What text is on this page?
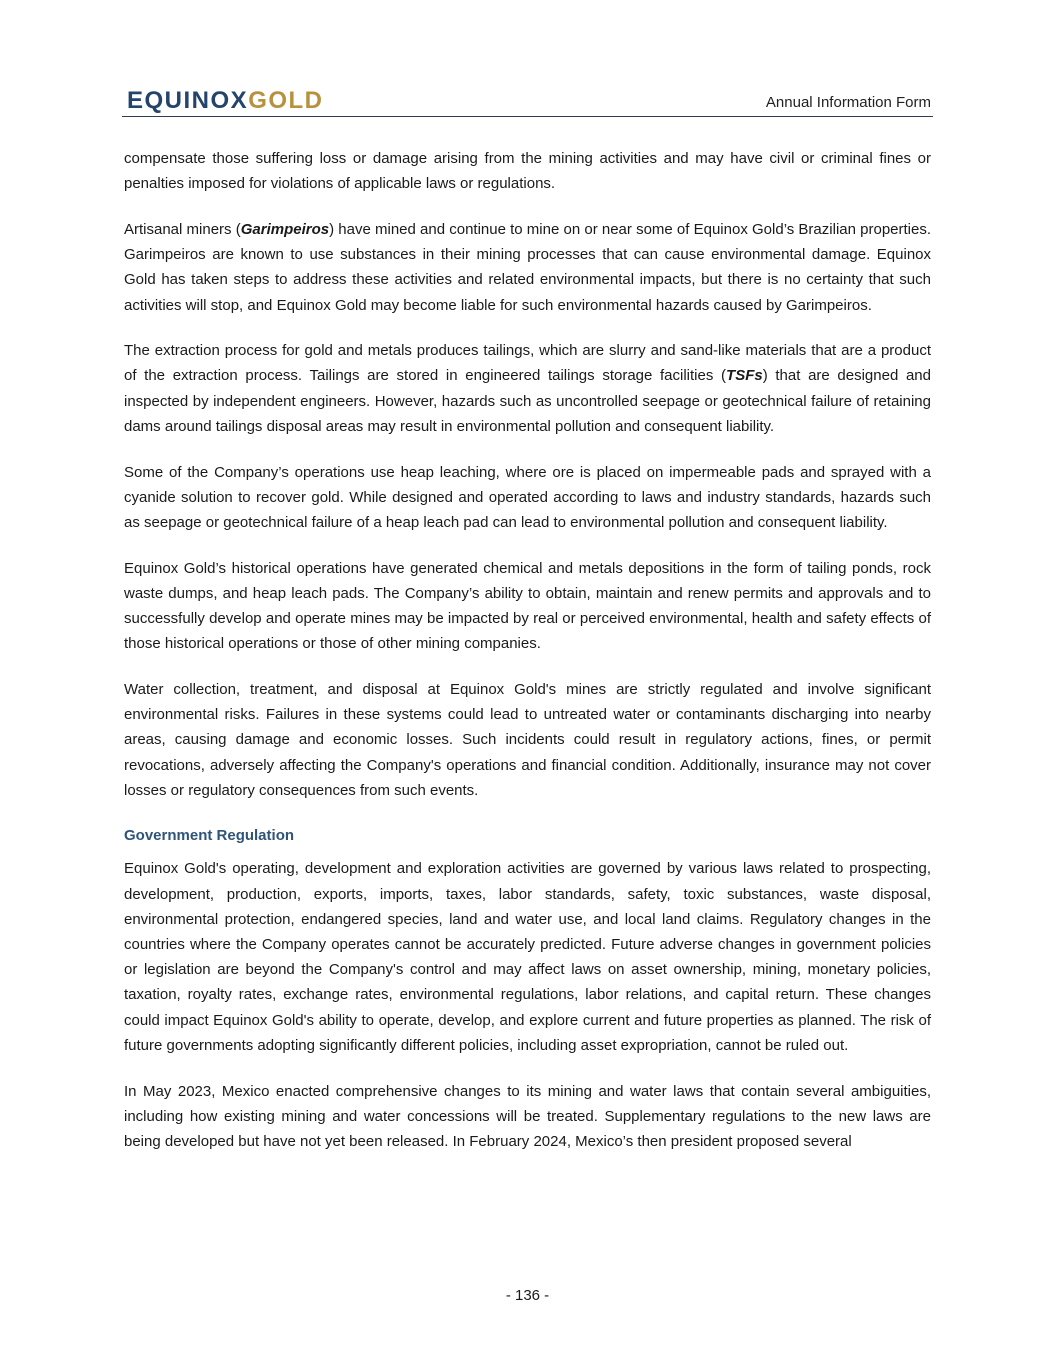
EQUINOXGOLD	Annual Information Form

compensate those suffering loss or damage arising from the mining activities and may have civil or criminal fines or penalties imposed for violations of applicable laws or regulations.

Artisanal miners (Garimpeiros) have mined and continue to mine on or near some of Equinox Gold’s Brazilian properties. Garimpeiros are known to use substances in their mining processes that can cause environmental damage. Equinox Gold has taken steps to address these activities and related environmental impacts, but there is no certainty that such activities will stop, and Equinox Gold may become liable for such environmental hazards caused by Garimpeiros.

The extraction process for gold and metals produces tailings, which are slurry and sand-like materials that are a product of the extraction process. Tailings are stored in engineered tailings storage facilities (TSFs) that are designed and inspected by independent engineers. However, hazards such as uncontrolled seepage or geotechnical failure of retaining dams around tailings disposal areas may result in environmental pollution and consequent liability.

Some of the Company’s operations use heap leaching, where ore is placed on impermeable pads and sprayed with a cyanide solution to recover gold. While designed and operated according to laws and industry standards, hazards such as seepage or geotechnical failure of a heap leach pad can lead to environmental pollution and consequent liability.

Equinox Gold’s historical operations have generated chemical and metals depositions in the form of tailing ponds, rock waste dumps, and heap leach pads. The Company’s ability to obtain, maintain and renew permits and approvals and to successfully develop and operate mines may be impacted by real or perceived environmental, health and safety effects of those historical operations or those of other mining companies.

Water collection, treatment, and disposal at Equinox Gold's mines are strictly regulated and involve significant environmental risks. Failures in these systems could lead to untreated water or contaminants discharging into nearby areas, causing damage and economic losses. Such incidents could result in regulatory actions, fines, or permit revocations, adversely affecting the Company's operations and financial condition. Additionally, insurance may not cover losses or regulatory consequences from such events.

Government Regulation

Equinox Gold's operating, development and exploration activities are governed by various laws related to prospecting, development, production, exports, imports, taxes, labor standards, safety, toxic substances, waste disposal, environmental protection, endangered species, land and water use, and local land claims. Regulatory changes in the countries where the Company operates cannot be accurately predicted. Future adverse changes in government policies or legislation are beyond the Company's control and may affect laws on asset ownership, mining, monetary policies, taxation, royalty rates, exchange rates, environmental regulations, labor relations, and capital return. These changes could impact Equinox Gold's ability to operate, develop, and explore current and future properties as planned. The risk of future governments adopting significantly different policies, including asset expropriation, cannot be ruled out.

In May 2023, Mexico enacted comprehensive changes to its mining and water laws that contain several ambiguities, including how existing mining and water concessions will be treated. Supplementary regulations to the new laws are being developed but have not yet been released. In February 2024, Mexico’s then president proposed several

- 136 -
